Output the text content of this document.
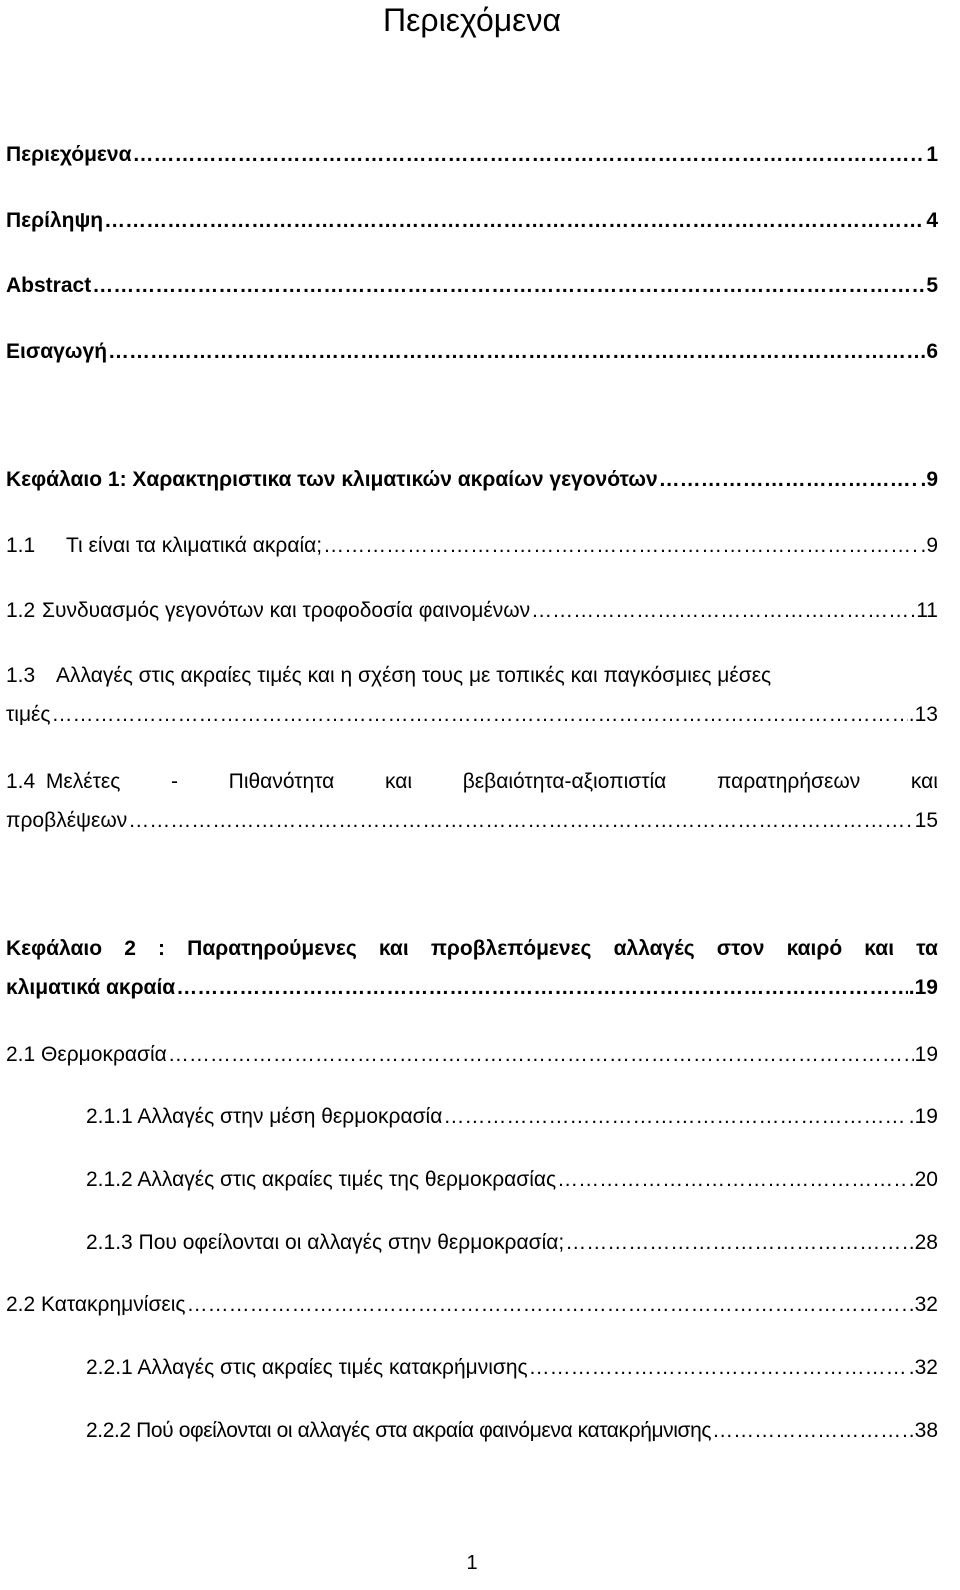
Περιεχόμενα
Περιεχόμενα ……………………………………………………………………………………………………………………………………………………………………………………………………	1
Περίληψη ……………………………………………………………………………………………………………………………………………………………………………………………………	4
Abstract ……………………………………………………………………………………………………………………………………………………………………………………………………	5
Εισαγωγή ……………………………………………………………………………………………………………………………………………………………………………………………………	6
Κεφάλαιο 1: Χαρακτηριστικα των κλιματικών ακραίων γεγονότων ……………………………………………………………………………………………………………………………………………………………………………………………………	.9
1.1	Τι είναι τα κλιματικά ακραία; ……………………………………………………………………………………………………………………………………………………………………………………………………	.9
1.2 Συνδυασμός γεγονότων και τροφοδοσία φαινομένων ……………………………………………………………………………………………………………………………………………………………………………………………………	11
1.3 Αλλαγές στις ακραίες τιμές και η σχέση τους με τοπικές και παγκόσμιες μέσες
τιμές ……………………………………………………………………………………………………………………………………………………………………………………………………	.13
1.4 Μελέτες - Πιθανότητα και βεβαιότητα-αξιοπιστία παρατηρήσεων και
προβλέψεων ……………………………………………………………………………………………………………………………………………………………………………………………………	15
Κεφάλαιο 2 : Παρατηρούμενες και προβλεπόμενες αλλαγές στον καιρό και τα
κλιματικά ακραία ……………………………………………………………………………………………………………………………………………………………………………………………………	.19
2.1 Θερμοκρασία ……………………………………………………………………………………………………………………………………………………………………………………………………	19
2.1.1 Αλλαγές στην μέση θερμοκρασία ……………………………………………………………………………………………………………………………………………………………………………………………………	.19
2.1.2 Αλλαγές στις ακραίες τιμές της θερμοκρασίας ……………………………………………………………………………………………………………………………………………………………………………………………………	.20
2.1.3 Που οφείλονται οι αλλαγές στην θερμοκρασία; ……………………………………………………………………………………………………………………………………………………………………………………………………	.28
2.2 Κατακρημνίσεις ……………………………………………………………………………………………………………………………………………………………………………………………………	.32
2.2.1 Αλλαγές στις ακραίες τιμές κατακρήμνισης ……………………………………………………………………………………………………………………………………………………………………………………………………	.32
2.2.2 Πού οφείλονται οι αλλαγές στα ακραία φαινόμενα κατακρήμνισης ……………………………………………………………………………………………………………………………………………………………………………………………………	38
1
